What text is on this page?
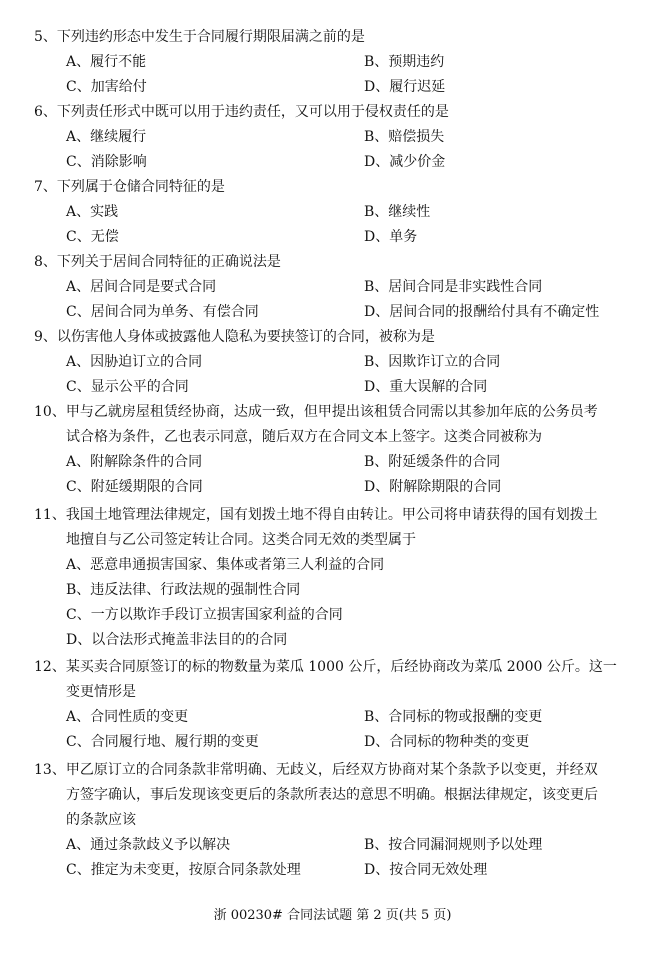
5、下列违约形态中发生于合同履行期限届满之前的是

A、履行不能	B、预期违约
C、加害给付	D、履行迟延

6、下列责任形式中既可以用于违约责任，又可以用于侵权责任的是

A、继续履行	B、赔偿损失
C、消除影响	D、减少价金

7、下列属于仓储合同特征的是

A、实践	B、继续性
C、无偿	D、单务

8、下列关于居间合同特征的正确说法是

A、居间合同是要式合同	B、居间合同是非实践性合同
C、居间合同为单务、有偿合同	D、居间合同的报酬给付具有不确定性

9、以伤害他人身体或披露他人隐私为要挟签订的合同，被称为是

A、因胁迫订立的合同	B、因欺诈订立的合同
C、显示公平的合同	D、重大误解的合同

10、甲与乙就房屋租赁经协商，达成一致，但甲提出该租赁合同需以其参加年底的公务员考

试合格为条件，乙也表示同意，随后双方在合同文本上签字。这类合同被称为

A、附解除条件的合同	B、附延缓条件的合同
C、附延缓期限的合同	D、附解除期限的合同

11、我国土地管理法律规定，国有划拨土地不得自由转让。甲公司将申请获得的国有划拨土

地擅自与乙公司签定转让合同。这类合同无效的类型属于

A、恶意串通损害国家、集体或者第三人利益的合同
B、违反法律、行政法规的强制性合同
C、一方以欺诈手段订立损害国家利益的合同
D、以合法形式掩盖非法目的的合同

12、某买卖合同原签订的标的物数量为菜瓜 1000 公斤，后经协商改为菜瓜 2000 公斤。这一

变更情形是

A、合同性质的变更	B、合同标的物或报酬的变更
C、合同履行地、履行期的变更	D、合同标的物种类的变更

13、甲乙原订立的合同条款非常明确、无歧义，后经双方协商对某个条款予以变更，并经双

方签字确认，事后发现该变更后的条款所表达的意思不明确。根据法律规定，该变更后

的条款应该

A、通过条款歧义予以解决	B、按合同漏洞规则予以处理
C、推定为未变更，按原合同条款处理	D、按合同无效处理
浙 00230# 合同法试题 第 2 页(共 5 页)
